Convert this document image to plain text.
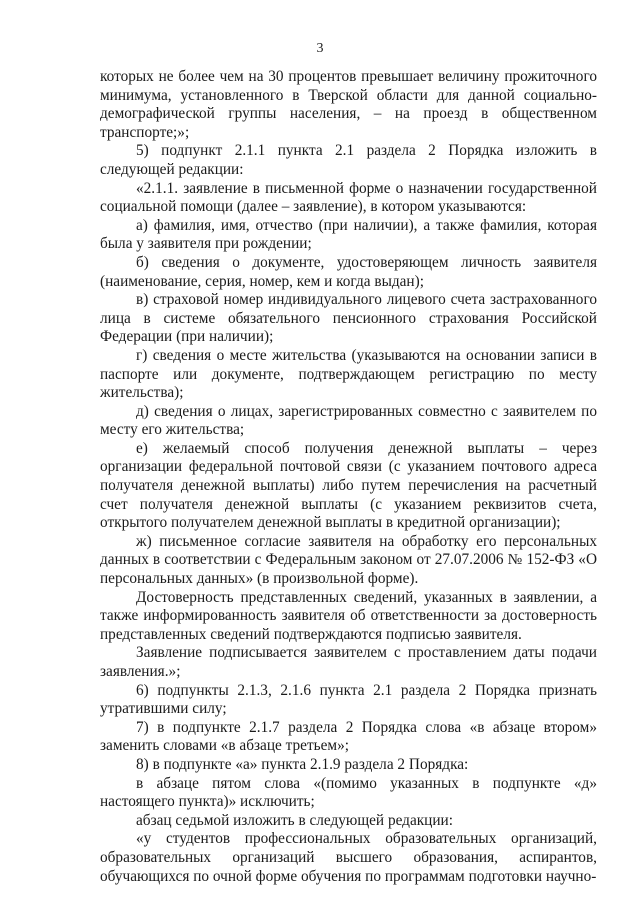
3

которых не более чем на 30 процентов превышает величину прожиточного минимума, установленного в Тверской области для данной социально-демографической группы населения, – на проезд в общественном транспорте;»;

5) подпункт 2.1.1 пункта 2.1 раздела 2 Порядка изложить в следующей редакции:

«2.1.1. заявление в письменной форме о назначении государственной социальной помощи (далее – заявление), в котором указываются:

а) фамилия, имя, отчество (при наличии), а также фамилия, которая была у заявителя при рождении;

б) сведения о документе, удостоверяющем личность заявителя (наименование, серия, номер, кем и когда выдан);

в) страховой номер индивидуального лицевого счета застрахованного лица в системе обязательного пенсионного страхования Российской Федерации (при наличии);

г) сведения о месте жительства (указываются на основании записи в паспорте или документе, подтверждающем регистрацию по месту жительства);

д) сведения о лицах, зарегистрированных совместно с заявителем по месту его жительства;

е) желаемый способ получения денежной выплаты – через организации федеральной почтовой связи (с указанием почтового адреса получателя денежной выплаты) либо путем перечисления на расчетный счет получателя денежной выплаты (с указанием реквизитов счета, открытого получателем денежной выплаты в кредитной организации);

ж) письменное согласие заявителя на обработку его персональных данных в соответствии с Федеральным законом от 27.07.2006 № 152-ФЗ «О персональных данных» (в произвольной форме).

Достоверность представленных сведений, указанных в заявлении, а также информированность заявителя об ответственности за достоверность представленных сведений подтверждаются подписью заявителя.

Заявление подписывается заявителем с проставлением даты подачи заявления.»;

6) подпункты 2.1.3, 2.1.6 пункта 2.1 раздела 2 Порядка признать утратившими силу;

7) в подпункте 2.1.7 раздела 2 Порядка слова «в абзаце втором» заменить словами «в абзаце третьем»;

8) в подпункте «а» пункта 2.1.9 раздела 2 Порядка:

в абзаце пятом слова «(помимо указанных в подпункте «д» настоящего пункта)» исключить;

абзац седьмой изложить в следующей редакции:

«у студентов профессиональных образовательных организаций, образовательных организаций высшего образования, аспирантов, обучающихся по очной форме обучения по программам подготовки научно-
